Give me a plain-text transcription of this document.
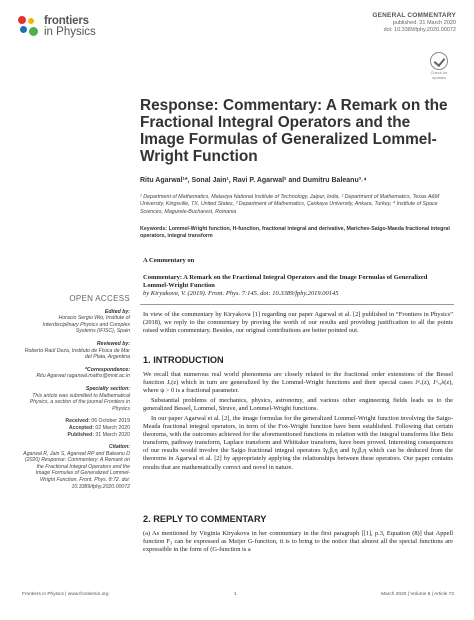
frontiers
in Physics
GENERAL COMMENTARY
published: 31 March 2020
doi: 10.3389/fphy.2020.00072
Check for updates
Response: Commentary: A Remark on the Fractional Integral Operators and the Image Formulas of Generalized Lommel-Wright Function
Ritu Agarwal¹*, Sonal Jain¹, Ravi P. Agarwal² and Dumitru Baleanu³˒⁴
¹ Department of Mathematics, Malaviya National Institute of Technology, Jaipur, India, ² Department of Mathematics, Texas A&M University, Kingsville, TX, United States, ³ Department of Mathematics, Çankaya University, Ankara, Turkey, ⁴ Institute of Space Sciences, Magurele-Bucharest, Romania
Keywords: Lommel-Wright function, H-function, fractional integral and derivative, Marichev-Saigo-Maeda fractional integral operators, integral transform
A Commentary on
Commentary: A Remark on the Fractional Integral Operators and the Image Formulas of Generalized Lommel-Wright Function
by Kiryakova, V. (2019). Front. Phys. 7:145. doi: 10.3389/fphy.2019.00145
OPEN ACCESS
Edited by:
Horacio Sergio Wio, Institute of Interdisciplinary Physics and Complex Systems (IFISC), Spain
Reviewed by:
Roberto Raúl Deza, Instituto de Física de Mar del Plata, Argentina
*Correspondence:
Ritu Agarwal ragarwal.maths@mnit.ac.in
Specialty section:
This article was submitted to Mathematical Physics, a section of the journal Frontiers in Physics
Received: 06 October 2019
Accepted: 02 March 2020
Published: 31 March 2020
Citation:
Agarwal R, Jain S, Agarwal RP and Baleanu D (2020) Response: Commentary: A Remark on the Fractional Integral Operators and the Image Formulas of Generalized Lommel-Wright Function. Front. Phys. 8:72. doi: 10.3389/fphy.2020.00072

In view of the commentary by Kiryakova [1] regarding our paper Agarwal et al. [2] published in “Frontiers in Physics” (2018), we reply to the commentary by proving the worth of our results and providing justification to all the points raised within commentary. Besides, our original contributions are better pointed out.

1. INTRODUCTION

We recall that numerous real world phenomena are closely related to the fractional order extensions of the Bessel function Jᵥ(z) which in turn are generalized by the Lommel-Wright functions and their special cases Jᵘᵥ(z), Jᵘᵥ,λ(z), where ψ > 0 is a fractional parameter.

Substantial problems of mechanics, physics, astronomy, and various other engineering fields leads us to the generalized Bessel, Lommel, Struve, and Lommel-Wright functions.

In our paper Agarwal et al. [2], the image formulas for the generalized Lommel-Wright function involving the Saigo-Meada fractional integral operators, in term of the Fox-Wright function have been established. Following that certain theorems, with the outcomes achieved for the aforementioned functions in relation with the integral transforms like Beta transform, pathway transform, Laplace transform and Whittaker transform, have been proved. Interesting consequences of our results would involve the Saigo fractional integral operators Iγ,β,η and Iγ,β,η which can be deduced from the theorems in Agarwal et al. [2] by appropriately applying the relationships between these operators. Our paper contains results that are mathematically correct and novel in nature.

2. REPLY TO COMMENTARY

(a) As mentioned by Virginia Kiryakova in her commentary in the first paragraph [[1], p.3, Equation (8)] that Appell function F₃ can be expressed as Meijer G-function, it is to bring to the notice that almost all the special functions are expressible in the form of (G-function is a

Frontiers in Physics | www.frontiersin.org	1	March 2020 | Volume 8 | Article 72
